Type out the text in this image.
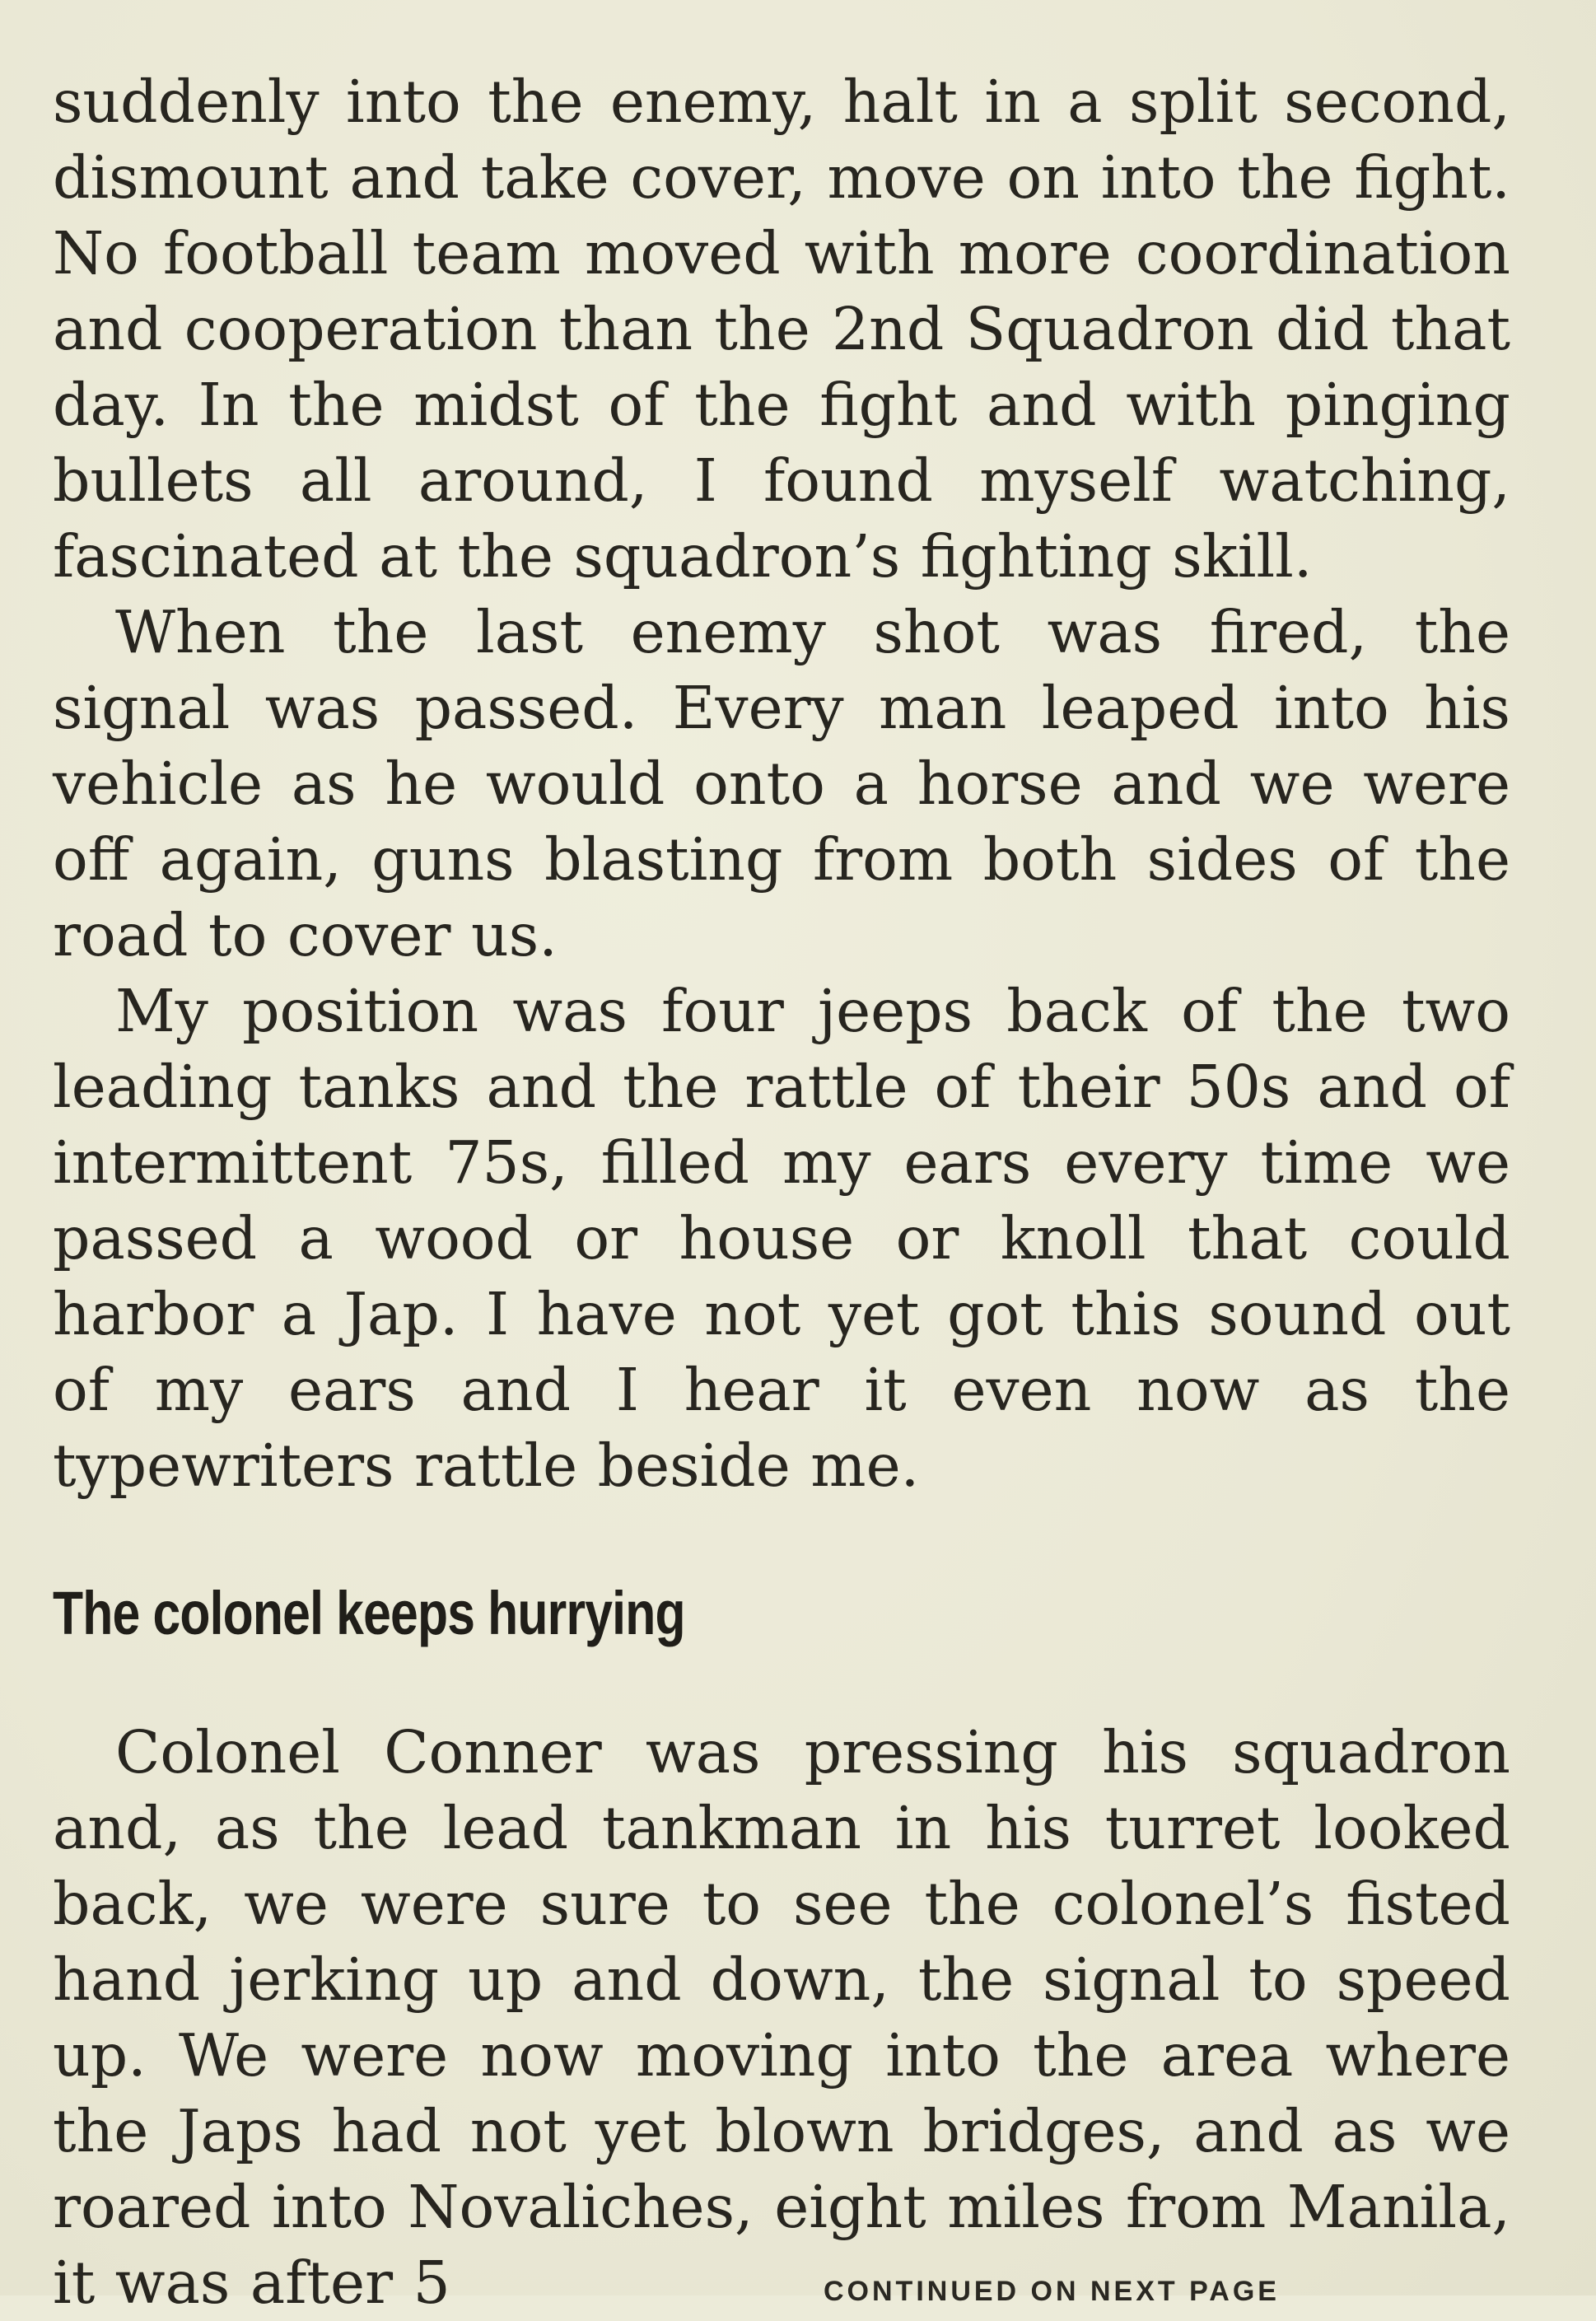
suddenly into the enemy, halt in a split second, dismount and take cover, move on into the fight. No football team moved with more coordination and cooperation than the 2nd Squadron did that day. In the midst of the fight and with pinging bullets all around, I found myself watching, fascinated at the squadron’s fighting skill.

When the last enemy shot was fired, the signal was passed. Every man leaped into his vehicle as he would onto a horse and we were off again, guns blasting from both sides of the road to cover us.

My position was four jeeps back of the two leading tanks and the rattle of their 50s and of intermittent 75s, filled my ears every time we passed a wood or house or knoll that could harbor a Jap. I have not yet got this sound out of my ears and I hear it even now as the typewriters rattle beside me.

The colonel keeps hurrying

Colonel Conner was pressing his squadron and, as the lead tankman in his turret looked back, we were sure to see the colonel’s fisted hand jerking up and down, the signal to speed up. We were now moving into the area where the Japs had not yet blown bridges, and as we roared into Novaliches, eight miles from Manila, it was after 5	CONTINUED ON NEXT PAGE
